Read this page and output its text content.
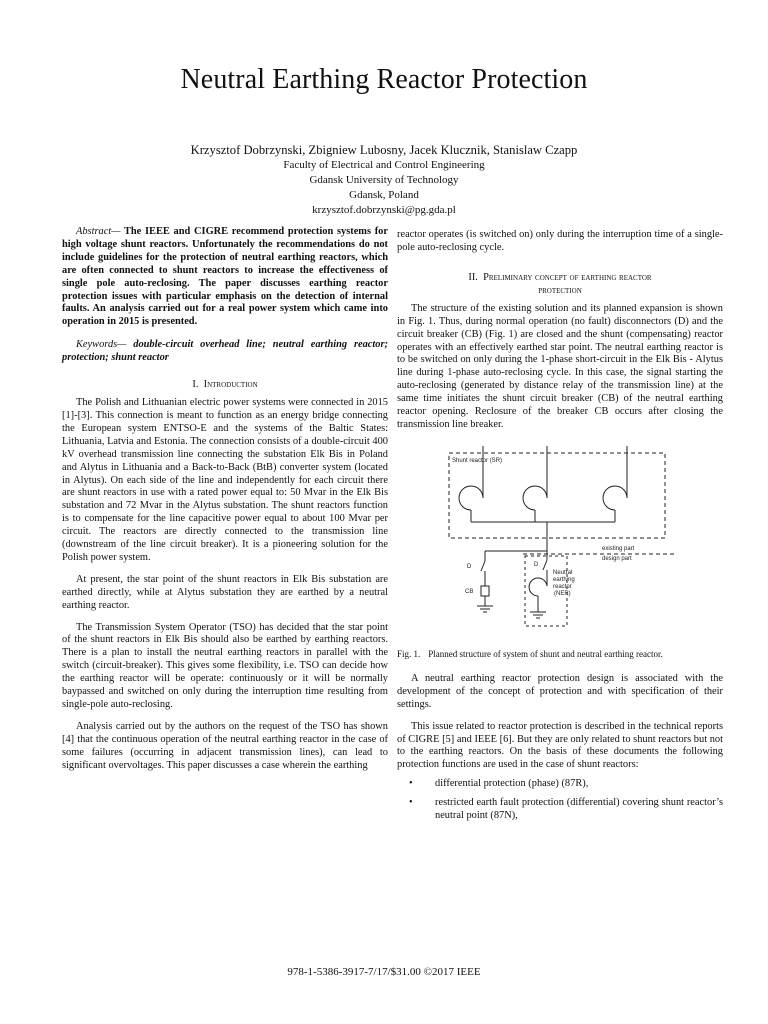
Neutral Earthing Reactor Protection
Krzysztof Dobrzynski, Zbigniew Lubosny, Jacek Klucznik, Stanislaw Czapp
Faculty of Electrical and Control Engineering
Gdansk University of Technology
Gdansk, Poland
krzysztof.dobrzynski@pg.gda.pl

Abstract— The IEEE and CIGRE recommend protection systems for high voltage shunt reactors. Unfortunately the recommendations do not include guidelines for the protection of neutral earthing reactors, which are often connected to shunt reactors to increase the effectiveness of single pole auto-reclosing. The paper discusses earthing reactor protection issues with particular emphasis on the detection of internal faults. An analysis carried out for a real power system which came into operation in 2015 is presented.

Keywords— double-circuit overhead line; neutral earthing reactor; protection; shunt reactor

I. Introduction

The Polish and Lithuanian electric power systems were connected in 2015 [1]-[3]. This connection is meant to function as an energy bridge connecting the European system ENTSO-E and the systems of the Baltic States: Lithuania, Latvia and Estonia. The connection consists of a double-circuit 400 kV overhead transmission line connecting the substation Elk Bis in Poland and Alytus in Lithuania and a Back-to-Back (BtB) converter system (located in Alytus). On each side of the line and independently for each circuit there are shunt reactors in use with a rated power equal to: 50 Mvar in the Elk Bis substation and 72 Mvar in the Alytus substation. The shunt reactors function is to compensate for the line capacitive power equal to about 100 Mvar per circuit. The reactors are directly connected to the transmission line (downstream of the line circuit breaker). It is a pioneering solution for the Polish power system.

At present, the star point of the shunt reactors in Elk Bis substation are earthed directly, while at Alytus substation they are earthed by a neutral earthing reactor.

The Transmission System Operator (TSO) has decided that the star point of the shunt reactors in Elk Bis should also be earthed by earthing reactors. There is a plan to install the neutral earthing reactors in parallel with the switch (circuit-breaker). This gives some flexibility, i.e. TSO can decide how the earthing reactor will be operate: continuously or it will be normally baypassed and switched on only during the interruption time resulting from single-pole auto-reclosing.

Analysis carried out by the authors on the request of the TSO has shown [4] that the continuous operation of the neutral earthing reactor in the case of some failures (occurring in adjacent transmission lines), can lead to significant overvoltages. This paper discusses a case wherein the earthing

reactor operates (is switched on) only during the interruption time of a single-pole auto-reclosing cycle.

II. Preliminary concept of earthing reactor
protection

The structure of the existing solution and its planned expansion is shown in Fig. 1. Thus, during normal operation (no fault) disconnectors (D) and the circuit breaker (CB) (Fig. 1) are closed and the shunt (compensating) reactor operates with an effectively earthed star point. The neutral earthing reactor is to be switched on only during the 1-phase short-circuit in the Elk Bis - Alytus line during 1-phase auto-reclosing cycle. In this case, the signal starting the auto-reclosing (generated by distance relay of the transmission line) at the same time initiates the shunt circuit breaker (CB) of the neutral earthing reactor opening. Reclosure of the breaker CB occurs after closing the transmission line breaker.

Shunt reactor (SR)
existing part
design part
D	D
CB
Neutral
earthing
reactor
(NER)

Fig. 1. Planned structure of system of shunt and neutral earthing reactor.

A neutral earthing reactor protection design is associated with the development of the concept of protection and with specification of their settings.

This issue related to reactor protection is described in the technical reports of CIGRE [5] and IEEE [6]. But they are only related to shunt reactors but not to the earthing reactors. On the basis of these documents the following protection functions are used in the case of shunt reactors:

• differential protection (phase) (87R),
• restricted earth fault protection (differential) covering shunt reactor’s neutral point (87N),
978-1-5386-3917-7/17/$31.00 ©2017 IEEE
